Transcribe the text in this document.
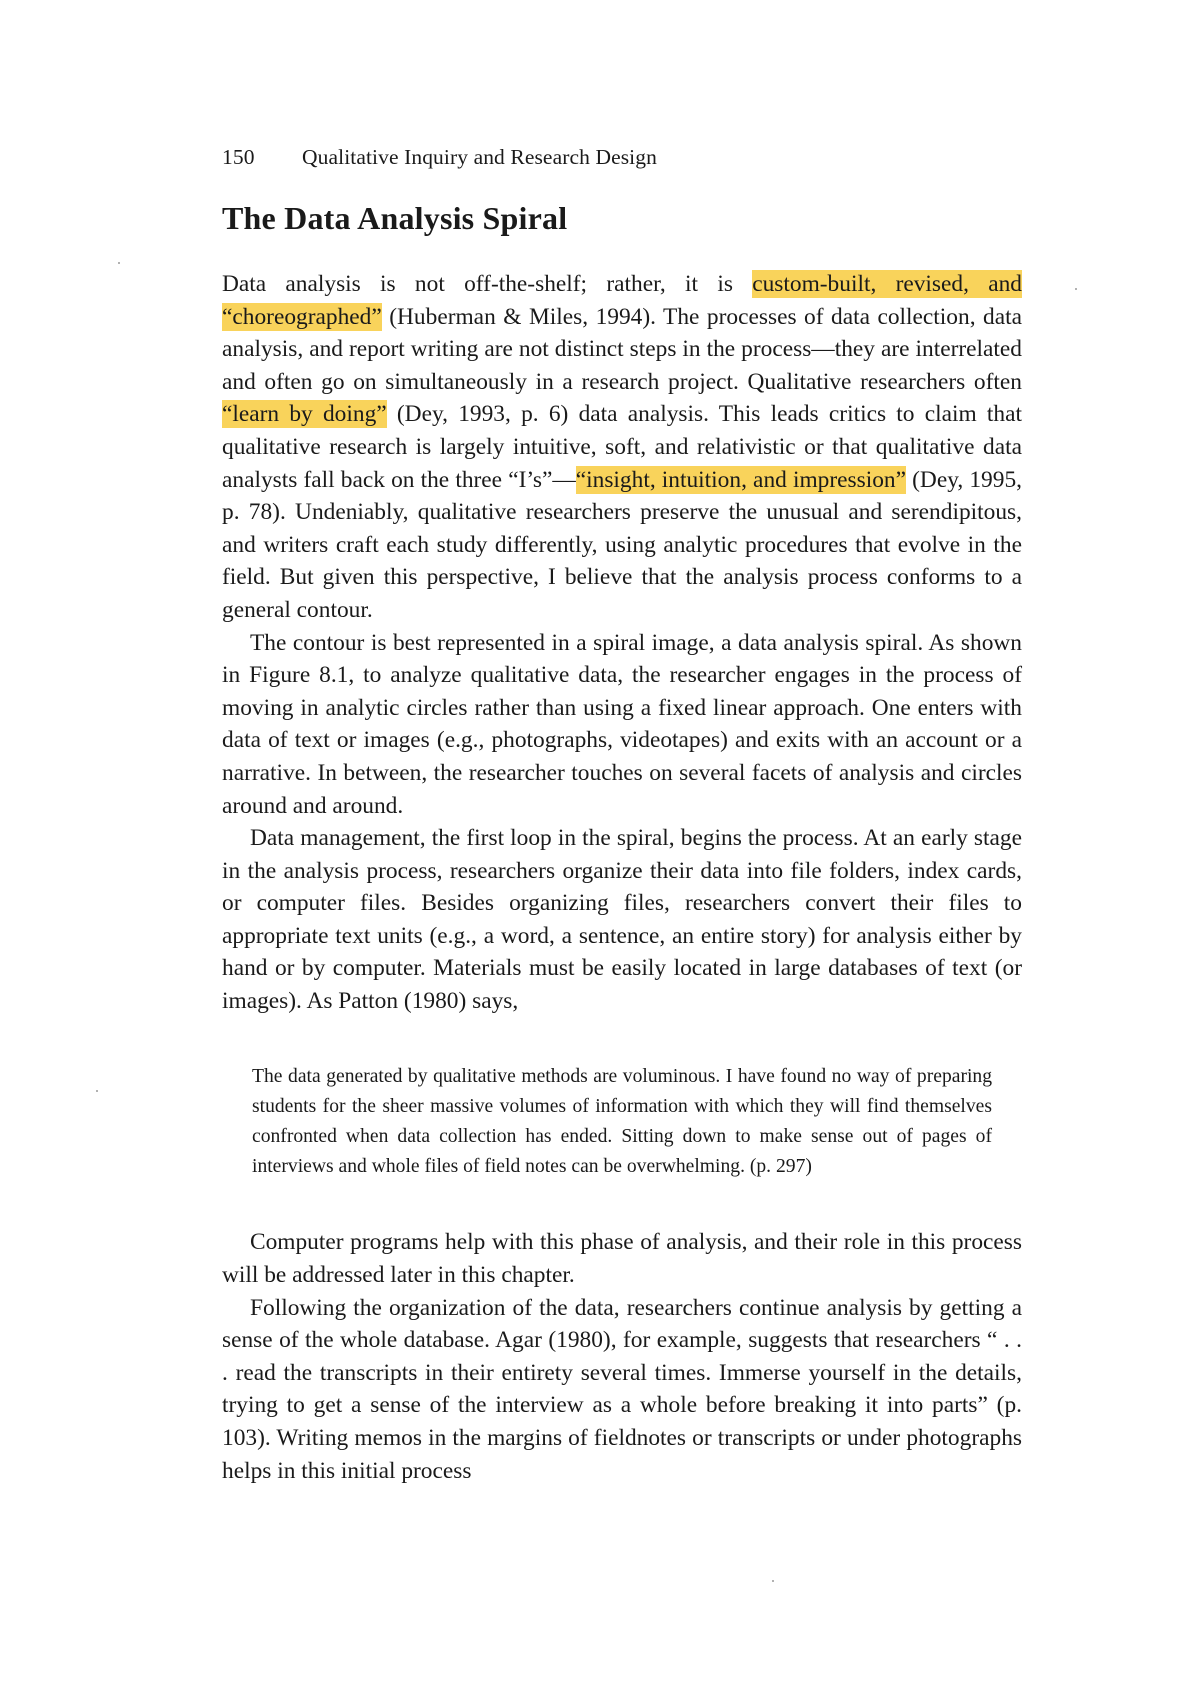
150 Qualitative Inquiry and Research Design
The Data Analysis Spiral

Data analysis is not off-the-shelf; rather, it is custom-built, revised, and “choreographed” (Huberman & Miles, 1994). The processes of data collection, data analysis, and report writing are not distinct steps in the process—they are interrelated and often go on simultaneously in a research project. Qualitative researchers often “learn by doing” (Dey, 1993, p. 6) data analysis. This leads critics to claim that qualitative research is largely intuitive, soft, and relativistic or that qualitative data analysts fall back on the three “I’s”—“insight, intuition, and impression” (Dey, 1995, p. 78). Undeniably, qualitative researchers preserve the unusual and serendipitous, and writers craft each study differently, using analytic procedures that evolve in the field. But given this perspective, I believe that the analysis process conforms to a general contour.

The contour is best represented in a spiral image, a data analysis spiral. As shown in Figure 8.1, to analyze qualitative data, the researcher engages in the process of moving in analytic circles rather than using a fixed linear approach. One enters with data of text or images (e.g., photographs, videotapes) and exits with an account or a narrative. In between, the researcher touches on several facets of analysis and circles around and around.

Data management, the first loop in the spiral, begins the process. At an early stage in the analysis process, researchers organize their data into file folders, index cards, or computer files. Besides organizing files, researchers convert their files to appropriate text units (e.g., a word, a sentence, an entire story) for analysis either by hand or by computer. Materials must be easily located in large databases of text (or images). As Patton (1980) says,

The data generated by qualitative methods are voluminous. I have found no way of preparing students for the sheer massive volumes of information with which they will find themselves confronted when data collection has ended. Sitting down to make sense out of pages of interviews and whole files of field notes can be overwhelming. (p. 297)

Computer programs help with this phase of analysis, and their role in this process will be addressed later in this chapter.

Following the organization of the data, researchers continue analysis by getting a sense of the whole database. Agar (1980), for example, suggests that researchers “ . . . read the transcripts in their entirety several times. Immerse yourself in the details, trying to get a sense of the interview as a whole before breaking it into parts” (p. 103). Writing memos in the margins of fieldnotes or transcripts or under photographs helps in this initial process
